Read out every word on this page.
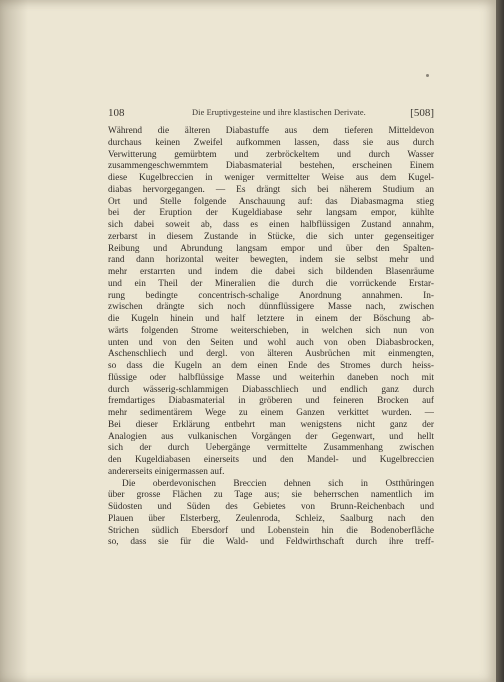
108	Die Eruptivgesteine und ihre klastischen Derivate.	[508]
Während die älteren Diabastuffe aus dem tieferen Mitteldevon
durchaus keinen Zweifel aufkommen lassen, dass sie aus durch
Verwitterung gemürbtem und zerbröckeltem und durch Wasser
zusammengeschwemmtem Diabasmaterial bestehen, erscheinen Einem
diese Kugelbreccien in weniger vermittelter Weise aus dem Kugel-
diabas hervorgegangen. — Es drängt sich bei näherem Studium an
Ort und Stelle folgende Anschauung auf: das Diabasmagma stieg
bei der Eruption der Kugeldiabase sehr langsam empor, kühlte
sich dabei soweit ab, dass es einen halbflüssigen Zustand annahm,
zerbarst in diesem Zustande in Stücke, die sich unter gegenseitiger
Reibung und Abrundung langsam empor und über den Spalten-
rand dann horizontal weiter bewegten, indem sie selbst mehr und
mehr erstarrten und indem die dabei sich bildenden Blasenräume
und ein Theil der Mineralien die durch die vorrückende Erstar-
rung bedingte concentrisch-schalige Anordnung annahmen. In-
zwischen drängte sich noch dünnflüssigere Masse nach, zwischen
die Kugeln hinein und half letztere in einem der Böschung ab-
wärts folgenden Strome weiterschieben, in welchen sich nun von
unten und von den Seiten und wohl auch von oben Diabasbrocken,
Aschenschliech und dergl. von älteren Ausbrüchen mit einmengten,
so dass die Kugeln an dem einen Ende des Stromes durch heiss-
flüssige oder halbflüssige Masse und weiterhin daneben noch mit
durch wässerig-schlammigen Diabasschliech und endlich ganz durch
fremdartiges Diabasmaterial in gröberen und feineren Brocken auf
mehr sedimentärem Wege zu einem Ganzen verkittet wurden. —
Bei dieser Erklärung entbehrt man wenigstens nicht ganz der
Analogien aus vulkanischen Vorgängen der Gegenwart, und hellt
sich der durch Uebergänge vermittelte Zusammenhang zwischen
den Kugeldiabasen einerseits und den Mandel- und Kugelbreccien
andererseits einigermassen auf.
Die oberdevonischen Breccien dehnen sich in Ostthüringen
über grosse Flächen zu Tage aus; sie beherrschen namentlich im
Südosten und Süden des Gebietes von Brunn-Reichenbach und
Plauen über Elsterberg, Zeulenroda, Schleiz, Saalburg nach den
Strichen südlich Ebersdorf und Lobenstein hin die Bodenoberfläche
so, dass sie für die Wald- und Feldwirthschaft durch ihre treff-
